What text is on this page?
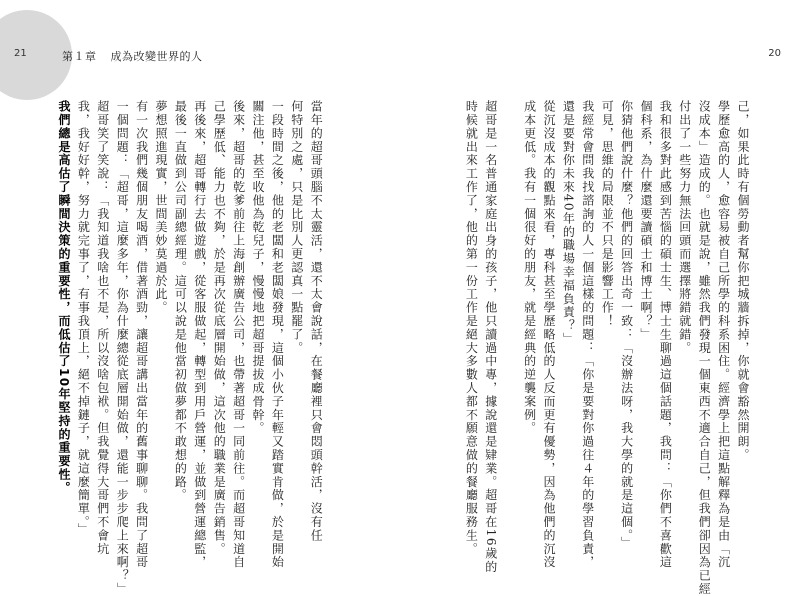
21	第１章 成為改變世界的人	20
己，如果此時有個勞動者幫你把城牆拆掉，你就會豁然開朗。
學歷愈高的人，愈容易被自己所學的科系困住。經濟學上把這點解釋為是由「沉
沒成本」造成的。也就是說，雖然我們發現一個東西不適合自己，但我們卻因為已經
付出了一些努力無法回頭而選擇將錯就錯。
我和很多對此感到苦惱的碩士生、博士生聊過這個話題，我問：「你們不喜歡這
個科系，為什麼還要讀碩士和博士啊？」
你猜他們說什麼？他們的回答出奇一致：「沒辦法呀，我大學的就是這個。」
可見，思維的局限並不只是影響工作！
我經常會問我找諮詢的人一個這樣的問題：「你是要對你過往４年的學習負責，
還是要對你未來40年的職場幸福負責？」
從沉沒成本的觀點來看，專科甚至學歷略低的人反而更有優勢，因為他們的沉沒
成本更低。我有一個很好的朋友，就是經典的逆襲案例。
超哥是一名普通家庭出身的孩子，他只讀過中專，據說還是肄業。超哥在16歲的
時候就出來工作了，他的第一份工作是絕大多數人都不願意做的餐廳服務生。
當年的超哥頭腦不太靈活，還不太會說話，在餐廳裡只會悶頭幹活，沒有任
何特別之處，只是比別人更認真一點罷了。
一段時間之後，他的老闆和老闆娘發現，這個小伙子年輕又踏實肯做，於是開始
關注他，甚至收他為乾兒子，慢慢地把超哥提拔成骨幹。
後來，超哥的乾爹前往上海創辦廣告公司，也帶著超哥一同前往。而超哥知道自
己學歷低、能力也不夠，於是再次從底層開始做，這次他的職業是廣告銷售。
再後來，超哥轉行去做遊戲，從客服做起，轉型到用戶營運，並做到營運總監，
最後一直做到公司副總經理。這可以說是他當初做夢都不敢想的路。
夢想照進現實，世間美妙莫過於此。
有一次我們幾個朋友喝酒，借著酒勁，讓超哥講出當年的舊事聊聊。我問了超哥
一個問題：「超哥，這麼多年，你為什麼總從底層開始做，還能一步步爬上來啊？」
超哥笑了笑說：「我知道我啥也不是，所以沒啥包袱。但我覺得大哥們不會坑
我，我好好幹，努力就完事了，有事我頂上，絕不掉鏈子，就這麼簡單。」
我們總是高估了瞬間決策的重要性，而低估了10年堅持的重要性。
